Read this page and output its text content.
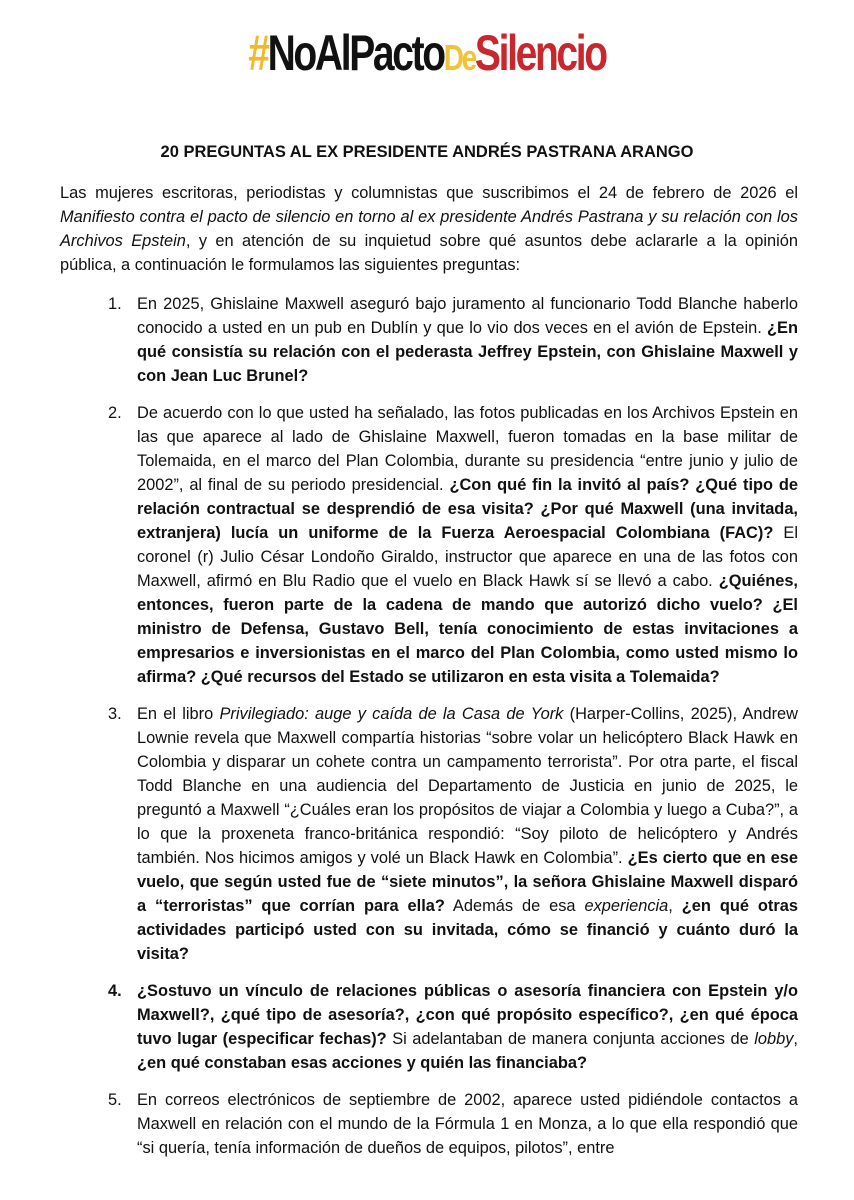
#NoAlPactoDeSilencio
20 PREGUNTAS AL EX PRESIDENTE ANDRÉS PASTRANA ARANGO

Las mujeres escritoras, periodistas y columnistas que suscribimos el 24 de febrero de 2026 el Manifiesto contra el pacto de silencio en torno al ex presidente Andrés Pastrana y su relación con los Archivos Epstein, y en atención de su inquietud sobre qué asuntos debe aclararle a la opinión pública, a continuación le formulamos las siguientes preguntas:

1. En 2025, Ghislaine Maxwell aseguró bajo juramento al funcionario Todd Blanche haberlo conocido a usted en un pub en Dublín y que lo vio dos veces en el avión de Epstein. ¿En qué consistía su relación con el pederasta Jeffrey Epstein, con Ghislaine Maxwell y con Jean Luc Brunel?
2. De acuerdo con lo que usted ha señalado, las fotos publicadas en los Archivos Epstein en las que aparece al lado de Ghislaine Maxwell, fueron tomadas en la base militar de Tolemaida, en el marco del Plan Colombia, durante su presidencia “entre junio y julio de 2002”, al final de su periodo presidencial. ¿Con qué fin la invitó al país? ¿Qué tipo de relación contractual se desprendió de esa visita? ¿Por qué Maxwell (una invitada, extranjera) lucía un uniforme de la Fuerza Aeroespacial Colombiana (FAC)? El coronel (r) Julio César Londoño Giraldo, instructor que aparece en una de las fotos con Maxwell, afirmó en Blu Radio que el vuelo en Black Hawk sí se llevó a cabo. ¿Quiénes, entonces, fueron parte de la cadena de mando que autorizó dicho vuelo? ¿El ministro de Defensa, Gustavo Bell, tenía conocimiento de estas invitaciones a empresarios e inversionistas en el marco del Plan Colombia, como usted mismo lo afirma? ¿Qué recursos del Estado se utilizaron en esta visita a Tolemaida?
3. En el libro Privilegiado: auge y caída de la Casa de York (Harper-Collins, 2025), Andrew Lownie revela que Maxwell compartía historias “sobre volar un helicóptero Black Hawk en Colombia y disparar un cohete contra un campamento terrorista”. Por otra parte, el fiscal Todd Blanche en una audiencia del Departamento de Justicia en junio de 2025, le preguntó a Maxwell “¿Cuáles eran los propósitos de viajar a Colombia y luego a Cuba?”, a lo que la proxeneta franco-británica respondió: “Soy piloto de helicóptero y Andrés también. Nos hicimos amigos y volé un Black Hawk en Colombia”. ¿Es cierto que en ese vuelo, que según usted fue de “siete minutos”, la señora Ghislaine Maxwell disparó a “terroristas” que corrían para ella? Además de esa experiencia, ¿en qué otras actividades participó usted con su invitada, cómo se financió y cuánto duró la visita?
4. ¿Sostuvo un vínculo de relaciones públicas o asesoría financiera con Epstein y/o Maxwell?, ¿qué tipo de asesoría?, ¿con qué propósito específico?, ¿en qué época tuvo lugar (especificar fechas)? Si adelantaban de manera conjunta acciones de lobby, ¿en qué constaban esas acciones y quién las financiaba?
5. En correos electrónicos de septiembre de 2002, aparece usted pidiéndole contactos a Maxwell en relación con el mundo de la Fórmula 1 en Monza, a lo que ella respondió que “si quería, tenía información de dueños de equipos, pilotos”, entre
